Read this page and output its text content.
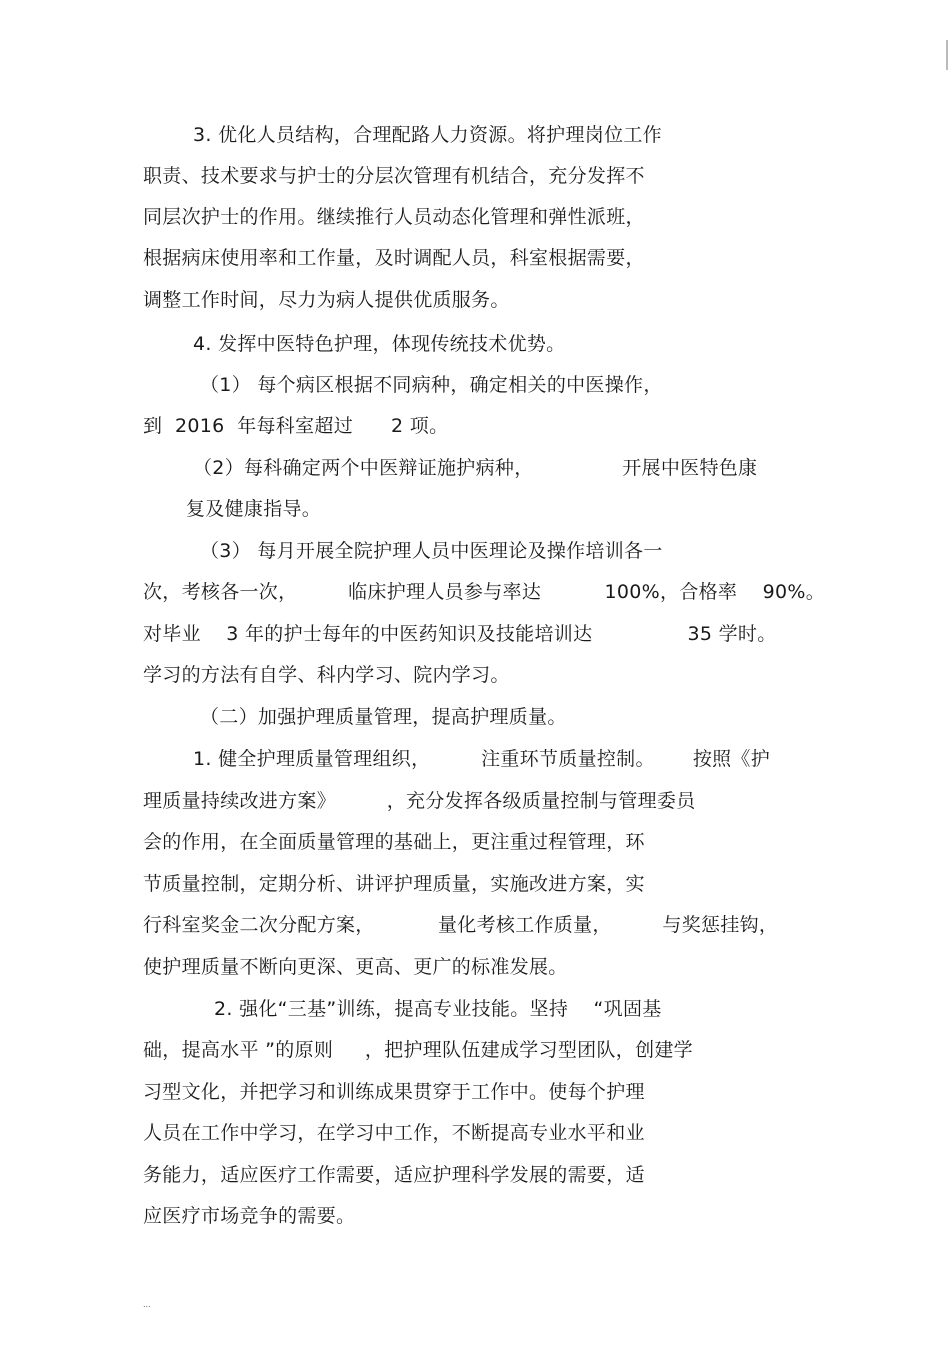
3. 优化人员结构，合理配路人力资源。将护理岗位工作
职责、技术要求与护士的分层次管理有机结合，充分发挥不
同层次护士的作用。继续推行人员动态化管理和弹性派班，
根据病床使用率和工作量，及时调配人员，科室根据需要，
调整工作时间，尽力为病人提供优质服务。
4. 发挥中医特色护理，体现传统技术优势。
（1） 每个病区根据不同病种，确定相关的中医操作，
到  2016  年每科室超过      2 项。
（2）每科确定两个中医辩证施护病种，              开展中医特色康
复及健康指导。
（3） 每月开展全院护理人员中医理论及操作培训各一
次，考核各一次，        临床护理人员参与率达          100%，合格率    90%。
对毕业    3 年的护士每年的中医药知识及技能培训达               35 学时。
学习的方法有自学、科内学习、院内学习。
（二）加强护理质量管理，提高护理质量。
1. 健全护理质量管理组织，        注重环节质量控制。      按照《护
理质量持续改进方案》        ，充分发挥各级质量控制与管理委员
会的作用，在全面质量管理的基础上，更注重过程管理，环
节质量控制，定期分析、讲评护理质量，实施改进方案，实
行科室奖金二次分配方案，          量化考核工作质量，        与奖惩挂钩，
使护理质量不断向更深、更高、更广的标准发展。
2. 强化“三基”训练，提高专业技能。坚持    “巩固基
础，提高水平 ”的原则     ，把护理队伍建成学习型团队，创建学
习型文化，并把学习和训练成果贯穿于工作中。使每个护理
人员在工作中学习，在学习中工作，不断提高专业水平和业
务能力，适应医疗工作需要，适应护理科学发展的需要，适
应医疗市场竞争的需要。
...
